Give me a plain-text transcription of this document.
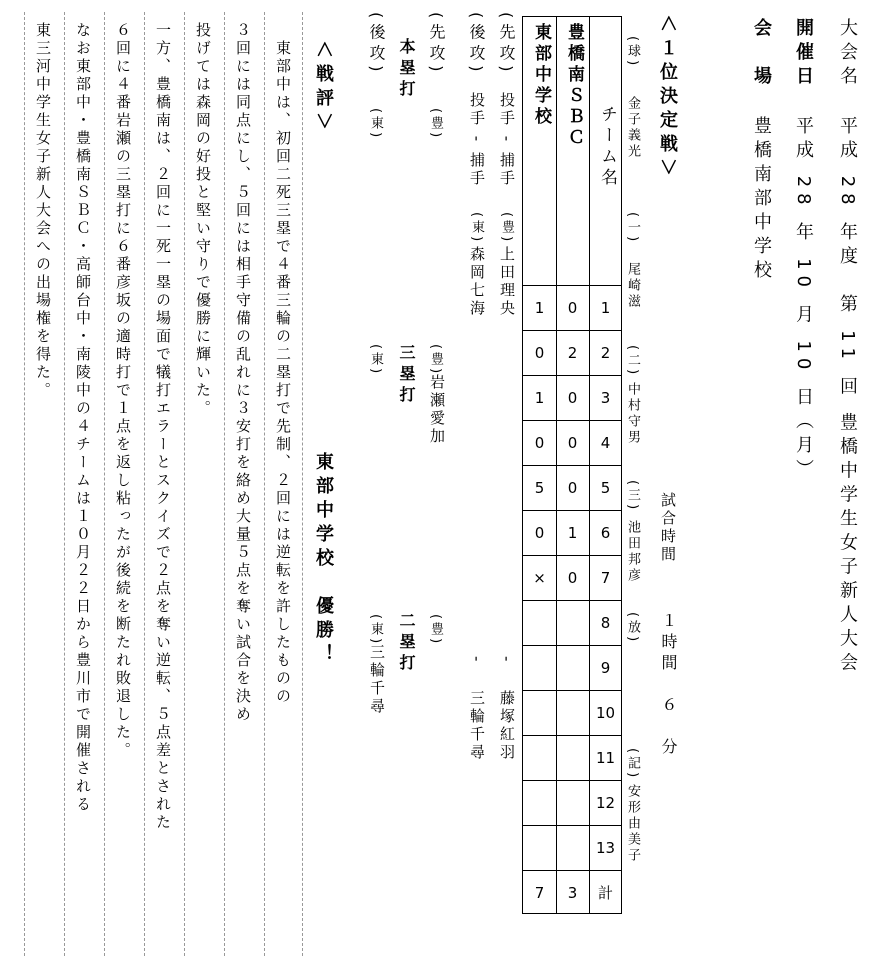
大会名
平成 28 年度　第 11 回 豊橋中学生女子新人大会
開催日
平成 28 年 10 月 10 日（月）
会　場
豊橋南部中学校
＜１位決定戦＞
試合時間
１時間　６　分
(球)
金子義光
(一)
尾崎滋
(二)
中村守男
(三)
池田邦彦
(放)
(記)
安形由美子
チーム名
豊橋南ＳＢＣ
東部中学校
1
2
3
4
5
6
7
8
9
10
11
12
13
計
0
2
0
0
0
1
0
3
1
0
1
0
5
0
×
7
(先攻)
投手 ‐ 捕手
(豊)
上田理央
‐
藤塚紅羽
(後攻)
投手 ‐ 捕手
(東)
森岡七海
‐
三輪千尋
(先攻)
本塁打
(後攻)
(豊)
(東)
(豊)
三塁打
(東)
岩瀬愛加
(豊)
二塁打
(東)
三輪千尋
＜戦評＞
東部中学校　優勝！
東部中は、初回二死三塁で４番三輪の二塁打で先制、２回には逆転を許したものの
３回には同点にし、５回には相手守備の乱れに３安打を絡め大量５点を奪い試合を決め
投げては森岡の好投と堅い守りで優勝に輝いた。
一方、豊橋南は、２回に一死一塁の場面で犠打エラーとスクイズで２点を奪い逆転、５点差とされた
６回に４番岩瀬の三塁打に６番彦坂の適時打で１点を返し粘ったが後続を断たれ敗退した。
なお東部中・豊橋南ＳＢＣ・高師台中・南陵中の４チームは１０月２２日から豊川市で開催される
東三河中学生女子新人大会への出場権を得た。
